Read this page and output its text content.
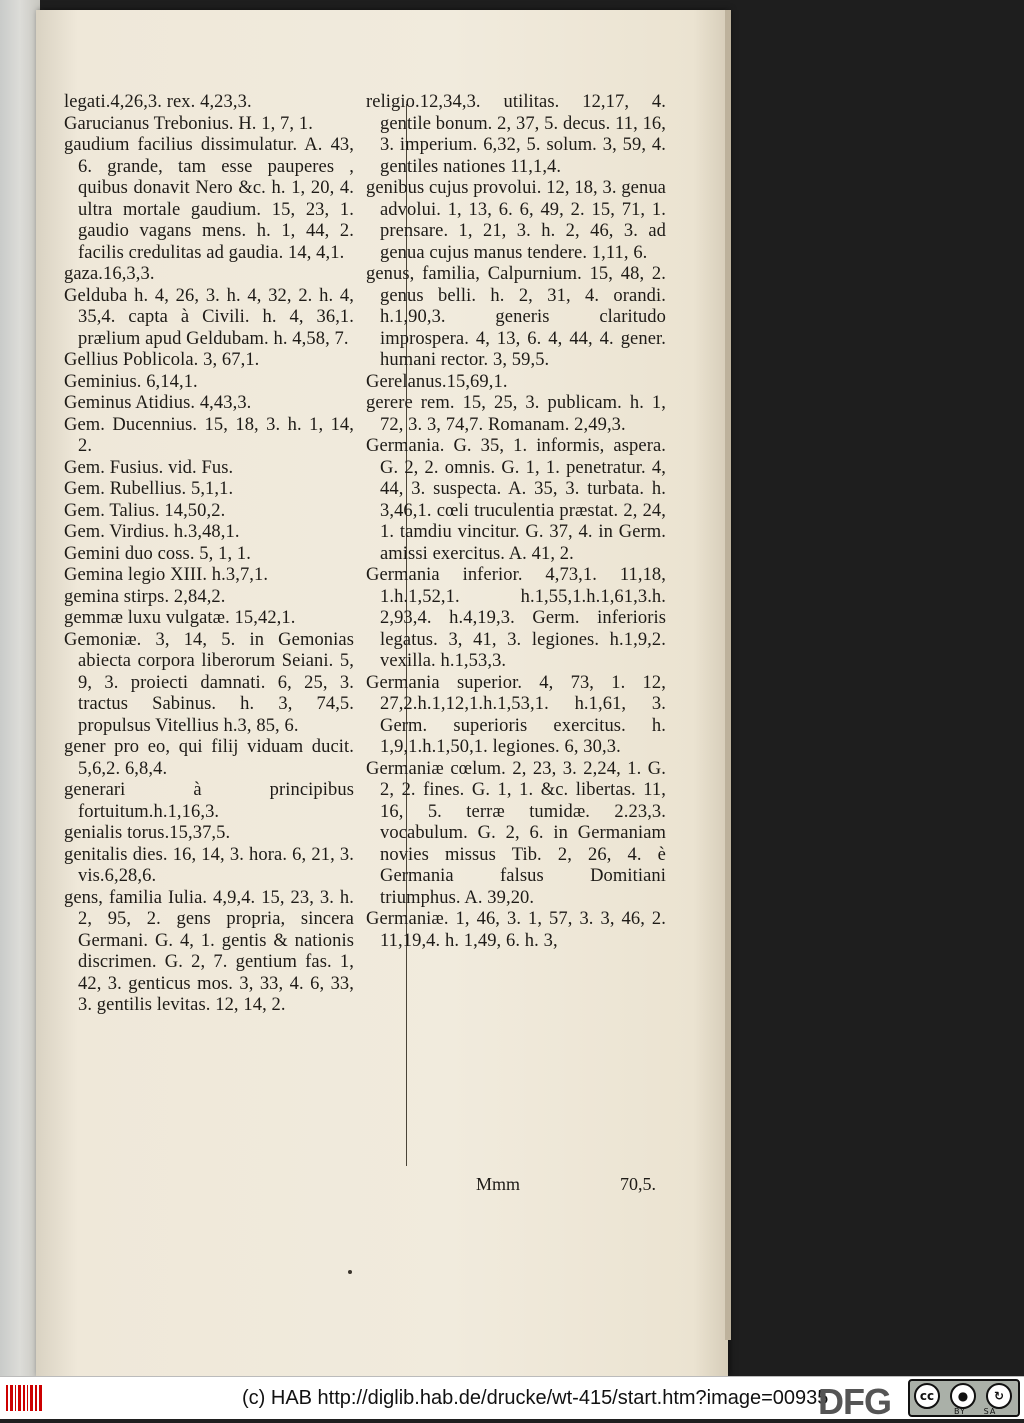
legati.4,26,3. rex. 4,23,3.

Garucianus Trebonius. H. 1, 7, 1.

gaudium facilius dissimulatur. A. 43, 6. grande, tam esse pauperes , quibus donavit Nero &c. h. 1, 20, 4. ultra mortale gaudium. 15, 23, 1. gaudio vagans mens. h. 1, 44, 2. facilis credulitas ad gaudia. 14, 4,1.

gaza.16,3,3.

Gelduba h. 4, 26, 3. h. 4, 32, 2. h. 4, 35,4. capta à Civili. h. 4, 36,1. prælium apud Geldubam. h. 4,58, 7.

Gellius Poblicola. 3, 67,1.

Geminius. 6,14,1.

Geminus Atidius. 4,43,3.

Gem. Ducennius. 15, 18, 3. h. 1, 14, 2.

Gem. Fusius. vid. Fus.

Gem. Rubellius. 5,1,1.

Gem. Talius. 14,50,2.

Gem. Virdius. h.3,48,1.

Gemini duo coss. 5, 1, 1.

Gemina legio XIII. h.3,7,1.

gemina stirps. 2,84,2.

gemmæ luxu vulgatæ. 15,42,1.

Gemoniæ. 3, 14, 5. in Gemonias abiecta corpora liberorum Seiani. 5, 9, 3. proiecti damnati. 6, 25, 3. tractus Sabinus. h. 3, 74,5. propulsus Vitellius h.3, 85, 6.

gener pro eo, qui filij viduam ducit. 5,6,2. 6,8,4.

generari à principibus fortuitum.h.1,16,3.

genialis torus.15,37,5.

genitalis dies. 16, 14, 3. hora. 6, 21, 3. vis.6,28,6.

gens, familia Iulia. 4,9,4. 15, 23, 3. h. 2, 95, 2. gens propria, sincera Germani. G. 4, 1. gentis & nationis discrimen. G. 2, 7. gentium fas. 1, 42, 3. genticus mos. 3, 33, 4. 6, 33, 3. gentilis levitas. 12, 14, 2.

religio.12,34,3. utilitas. 12,17, 4. gentile bonum. 2, 37, 5. decus. 11, 16, 3. imperium. 6,32, 5. solum. 3, 59, 4. gentiles nationes 11,1,4.

genibus cujus provolui. 12, 18, 3. genua advolui. 1, 13, 6. 6, 49, 2. 15, 71, 1. prensare. 1, 21, 3. h. 2, 46, 3. ad genua cujus manus tendere. 1,11, 6.

genus, familia, Calpurnium. 15, 48, 2. genus belli. h. 2, 31, 4. orandi. h.1,90,3. generis claritudo improspera. 4, 13, 6. 4, 44, 4. gener. humani rector. 3, 59,5.

Gerelanus.15,69,1.

gerere rem. 15, 25, 3. publicam. h. 1, 72, 3. 3, 74,7. Romanam. 2,49,3.

Germania. G. 35, 1. informis, aspera. G. 2, 2. omnis. G. 1, 1. penetratur. 4, 44, 3. suspecta. A. 35, 3. turbata. h. 3,46,1. cœli truculentia præstat. 2, 24, 1. tamdiu vincitur. G. 37, 4. in Germ. amissi exercitus. A. 41, 2.

Germania inferior. 4,73,1. 11,18, 1.h.1,52,1. h.1,55,1.h.1,61,3.h. 2,93,4. h.4,19,3. Germ. inferioris legatus. 3, 41, 3. legiones. h.1,9,2. vexilla. h.1,53,3.

Germania superior. 4, 73, 1. 12, 27,2.h.1,12,1.h.1,53,1. h.1,61, 3. Germ. superioris exercitus. h. 1,9,1.h.1,50,1. legiones. 6, 30,3.

Germaniæ cœlum. 2, 23, 3. 2,24, 1. G. 2, 2. fines. G. 1, 1. &c. libertas. 11, 16, 5. terræ tumidæ. 2.23,3. vocabulum. G. 2, 6. in Germaniam novies missus Tib. 2, 26, 4. è Germania falsus Domitiani triumphus. A. 39,20.

Germaniæ. 1, 46, 3. 1, 57, 3. 3, 46, 2. 11,19,4. h. 1,49, 6. h. 3,

Mmm	70,5.
(c) HAB http://diglib.hab.de/drucke/wt-415/start.htm?image=00935
DFG	cc	●	↻
BY SA
